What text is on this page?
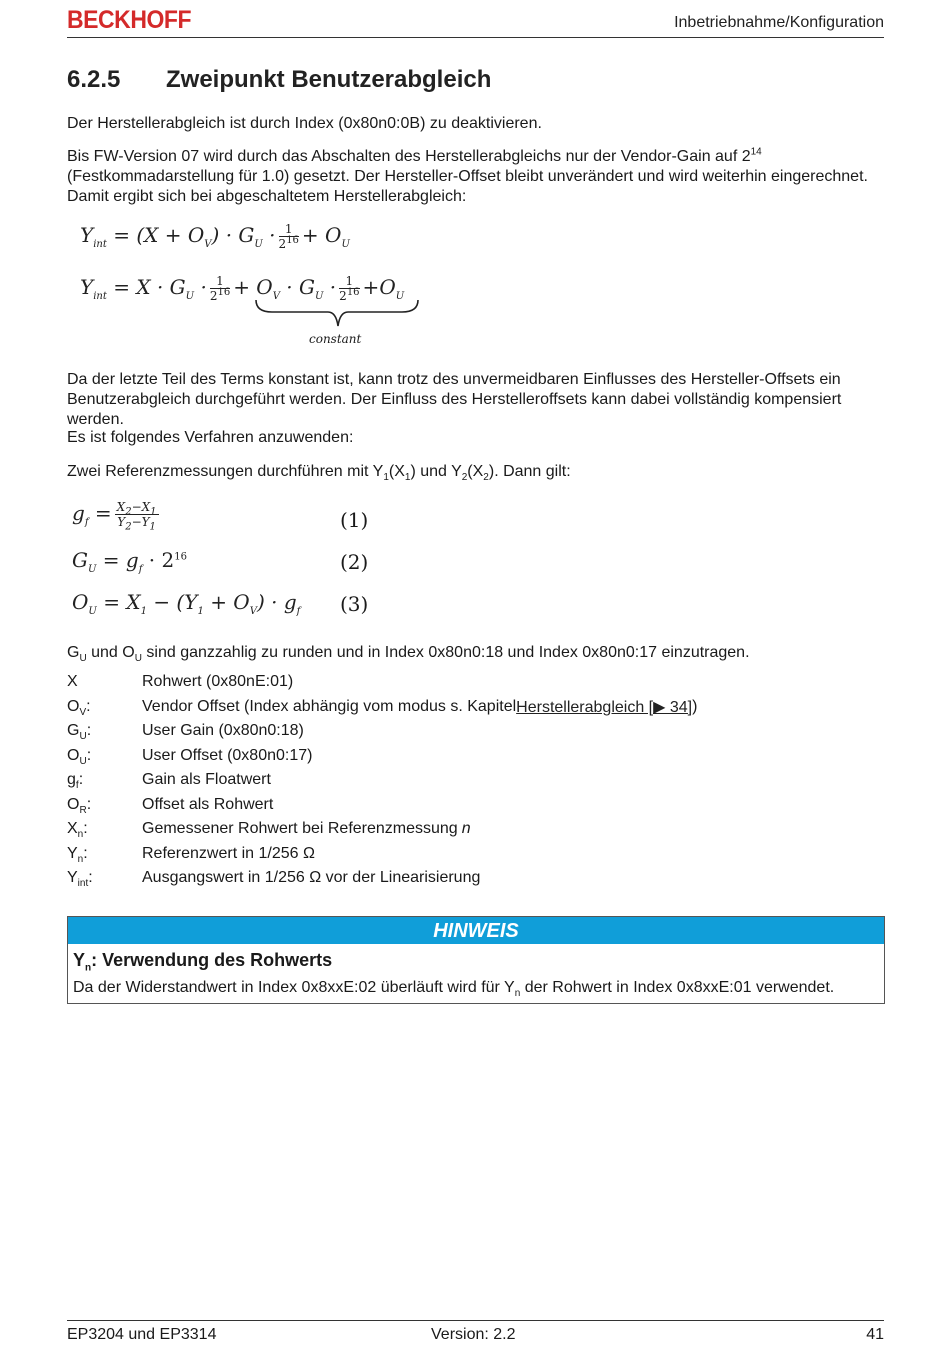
BECKHOFF	Inbetriebnahme/Konfiguration
6.2.5 Zweipunkt Benutzerabgleich

Der Herstellerabgleich ist durch Index (0x80n0:0B) zu deaktivieren.

Bis FW-Version 07 wird durch das Abschalten des Herstellerabgleichs nur der Vendor-Gain auf $2^{14}$ (Festkommadarstellung für 1.0) gesetzt. Der Hersteller-Offset bleibt unverändert und wird weiterhin eingerechnet. Damit ergibt sich bei abgeschaltetem Herstellerabgleich:

$Y_{int} = (X + O_V) \cdot G_U \cdot \frac{1}{2^{16}} + O_U$
$Y_{int} = X \cdot G_U \cdot \frac{1}{2^{16}} + O_V \cdot G_U \cdot \frac{1}{2^{16}} +O_U$
constant

Da der letzte Teil des Terms konstant ist, kann trotz des unvermeidbaren Einflusses des Hersteller-Offsets ein Benutzerabgleich durchgeführt werden. Der Einfluss des Herstelleroffsets kann dabei vollständig kompensiert werden.

Es ist folgendes Verfahren anzuwenden:

Zwei Referenzmessungen durchführen mit $Y_1(X_1)$ und $Y_2(X_2)$. Dann gilt:

$g_f = \frac{X_2-X_1}{Y_2-Y_1}$	(1)
$G_U = g_f \cdot 2^{16}$	(2)
$O_U = X_1 - (Y_1 + O_V) \cdot g_f$ (3)

$G_U$ und $O_U$ sind ganzzahlig zu runden und in Index 0x80n0:18 und Index 0x80n0:17 einzutragen.

X	Rohwert (0x80nE:01)
$O_V$:	Vendor Offset (Index abhängig vom modus s. Kapitel Herstellerabgleich [▶ 34] )
$G_U$:	User Gain (0x80n0:18)
$O_U$:	User Offset (0x80n0:17)
$g_f$:	Gain als Floatwert
$O_R$:	Offset als Rohwert
$X_n$:	Gemessener Rohwert bei Referenzmessung n
$Y_n$:	Referenzwert in 1/256 Ω
$Y_{int}$:	Ausgangswert in 1/256 Ω vor der Linearisierung
HINWEIS
$Y_n$: Verwendung des Rohwerts
Da der Widerstandwert in Index 0x8xxE:02 überläuft wird für $Y_n$ der Rohwert in Index 0x8xxE:01 verwendet.
EP3204 und EP3314	Version: 2.2	41
